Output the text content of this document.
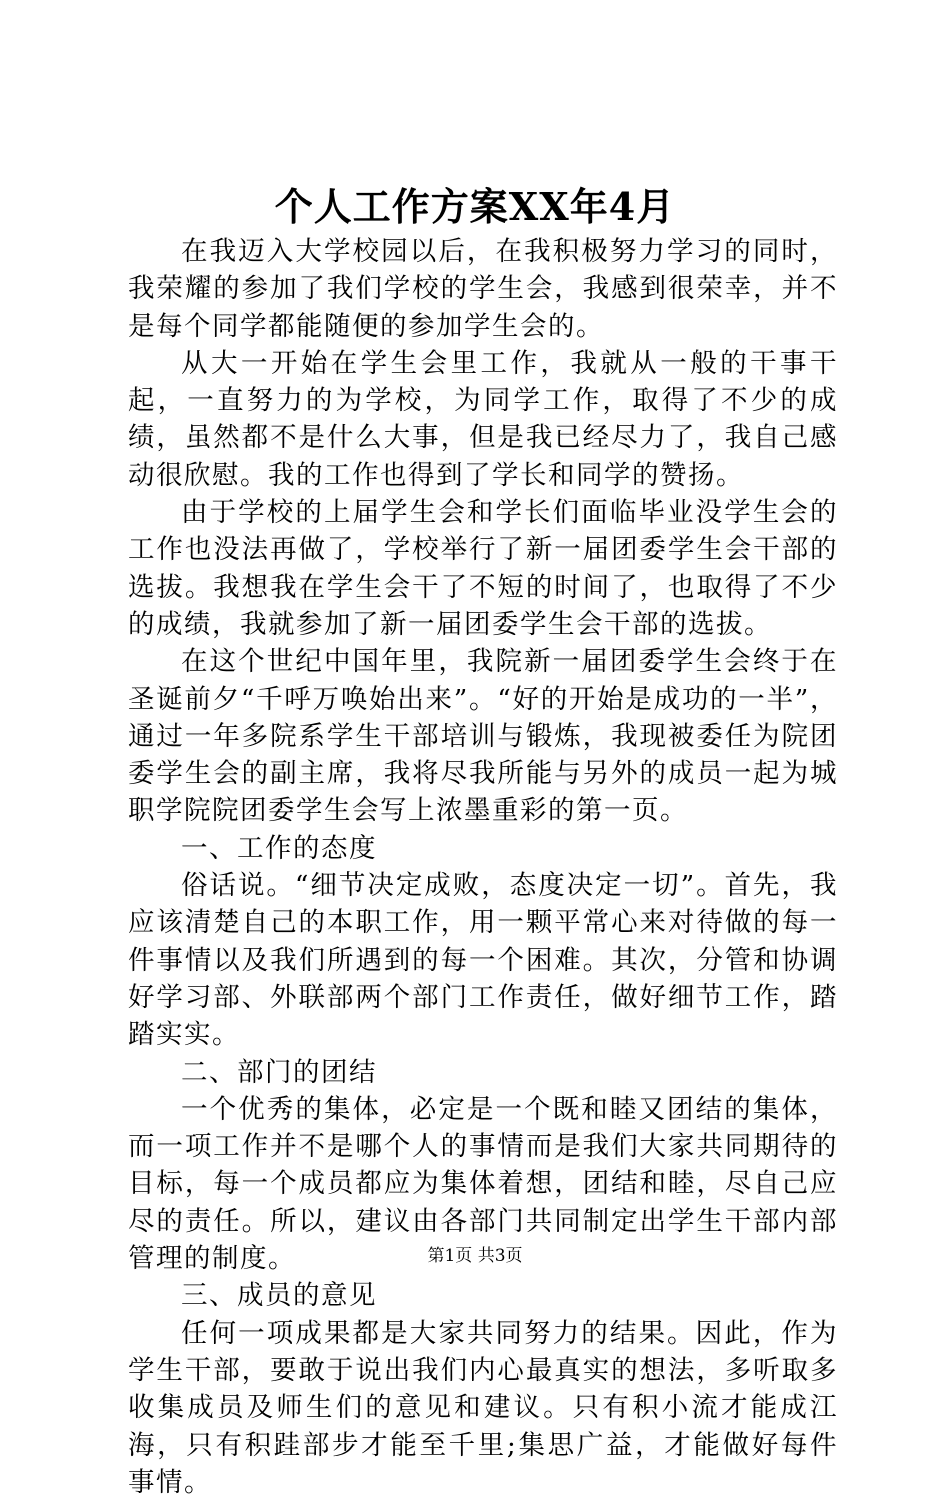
个人工作方案XX年4月

在我迈入大学校园以后，在我积极努力学习的同时，我荣耀的参加了我们学校的学生会，我感到很荣幸，并不是每个同学都能随便的参加学生会的。

从大一开始在学生会里工作，我就从一般的干事干起，一直努力的为学校，为同学工作，取得了不少的成绩，虽然都不是什么大事，但是我已经尽力了，我自己感动很欣慰。我的工作也得到了学长和同学的赞扬。

由于学校的上届学生会和学长们面临毕业没学生会的工作也没法再做了，学校举行了新一届团委学生会干部的选拔。我想我在学生会干了不短的时间了，也取得了不少的成绩，我就参加了新一届团委学生会干部的选拔。

在这个世纪中国年里，我院新一届团委学生会终于在圣诞前夕“千呼万唤始出来”。“好的开始是成功的一半”，通过一年多院系学生干部培训与锻炼，我现被委任为院团委学生会的副主席，我将尽我所能与另外的成员一起为城职学院院团委学生会写上浓墨重彩的第一页。

一、工作的态度

俗话说。“细节决定成败，态度决定一切”。首先，我应该清楚自己的本职工作，用一颗平常心来对待做的每一件事情以及我们所遇到的每一个困难。其次，分管和协调好学习部、外联部两个部门工作责任，做好细节工作，踏踏实实。

二、部门的团结

一个优秀的集体，必定是一个既和睦又团结的集体，而一项工作并不是哪个人的事情而是我们大家共同期待的目标，每一个成员都应为集体着想，团结和睦，尽自己应尽的责任。所以，建议由各部门共同制定出学生干部内部管理的制度。

三、成员的意见

任何一项成果都是大家共同努力的结果。因此，作为学生干部，要敢于说出我们内心最真实的想法，多听取多收集成员及师生们的意见和建议。只有积小流才能成江海，只有积跬部步才能至千里;集思广益，才能做好每件事情。

第1页 共3页
